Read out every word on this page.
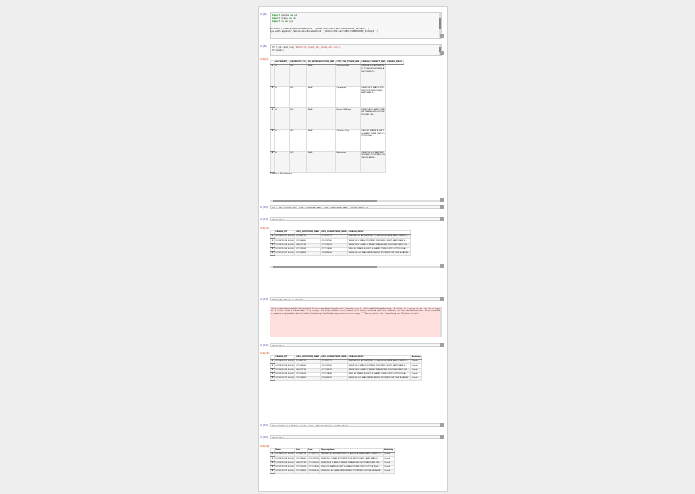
In [9]: import pandas as pd
import numpy as np
import os as sys
os.chdir('/Users/anu/Documents/4 ',Nihar/4th-xarl/RPC-CSMSEC02IE_Infoqld ')
sys.path.append('/Users/anu/Documents/4 ',Nihar/4th-xarl/RPC-CSMSEC02IE_Infoqld ')
In [8]: df = pd.read_csv('data/trd_crash_ldc_clean_all.csv')
df.head()
Out[8]:
	ACCIDENT_	SEVERITY_CO	AT_INTERSECTION_IND	CITY_OR_TOWN_NM	CRASH_COUNTY_NM	CRASH_DESC
0	4	NO	NaN	Chesterfield	DRIVER #1 ATTEMPTED TO AVOID A DEER AND OVERCO...	
1	4	NO	NaN	Campbell	VEHICLE 2 WAS STOPPED FOR RED LIGHT, AND WAS S...	
2	4	NO	NaN	Prince William	VEHICLES 1 AND 2 WERE TRAVELING SOUTHBOUND ON...	
3	4	NO	NaN	Charles City	VEH #1 MADE A LEFT & HAND TURN ONTO LITTLE ELA...	
4	4	NO	NaN	Botetourt	VEHICLE #1 WAS IMPROPERLY STOPPED ON THE ROADW...	
5 rows × 38 columns
In [10]: df = df[['CRASH_DT','GPS_LATITUDE_NBR','GPS_LONGITUDE_NBR','CRASH_DESC']]
In [11]: df.head()
Out[11]:
	CRASH_DT	GPS_LATITUDE_NBR	GPS_LONGITUDE_NBR	CRASH_DESC
0	01/16/2017 00:00	37.40713	-77.81771	DRIVER #1 ATTEMPTED TO AVOID A DEER AND OVERCO...
1	12/25/2016 00:00	37.03460	-79.23760	VEHICLE 2 WAS STOPPED FOR RED LIGHT, AND WAS S...
2	12/20/2016 00:00	38.67118	-77.29333	VEHICLES 1 AND 2 WERE TRAVELING SOUTHBOUND ON...
3	10/21/2016 00:00	37.37626	-77.11836	VEH #1 MADE A LEFT & HAND TURN ONTO LITTLE ELA...
4	07/31/2017 00:00	37.52863	-79.89035	VEHICLE #1 WAS IMPROPERLY STOPPED ON THE ROADW...
In [13]: df['Activity'] = 'Crash'
/Users/anu/anaconda3/lib/python3.6/site-packages/ipykernel_launcher.py:1: SettingWithCopyWarning: A value is trying to be set on a copy of a slice from a DataFrame. Try using .loc[row_indexer,col_indexer] = value instead See the caveats in the documentation: http://pandas.pydata.org/pandas-docs/stable/indexing.html#indexing-view-versus-copy """Entry point for launching an IPython kernel.
In [14]: df.head()
Out[14]:
	CRASH_DT	GPS_LATITUDE_NBR	GPS_LONGITUDE_NBR	CRASH_DESC	Activity
0	01/16/2017 00:00	37.40713	-77.81771	DRIVER #1 ATTEMPTED TO AVOID A DEER AND OVERCO...	Crash
1	12/25/2016 00:00	37.03460	-79.23760	VEHICLE 2 WAS STOPPED FOR RED LIGHT, AND WAS S...	Crash
2	12/20/2016 00:00	38.67118	-77.29333	VEHICLES 1 AND 2 WERE TRAVELING SOUTHBOUND ON...	Crash
3	10/21/2016 00:00	37.37626	-77.11836	VEH #1 MADE A LEFT & HAND TURN ONTO LITTLE ELA...	Crash
4	07/31/2017 00:00	37.52863	-79.89035	VEHICLE #1 WAS IMPROPERLY STOPPED ON THE ROADW...	Crash
In [15]: df.columns = ['Date','Lat','Lon','Description','Activity']
In [16]: df.head()
Out[16]:
	Date	Lat	Lon	Description	Activity
0	01/16/2017 00:00	37.40713	-77.81771	DRIVER #1 ATTEMPTED TO AVOID A DEER AND OVERCO...	Crash
1	12/25/2016 00:00	37.03460	-79.23760	VEHICLE 2 WAS STOPPED FOR RED LIGHT, AND WAS S...	Crash
2	12/20/2016 00:00	38.67118	-77.29333	VEHICLES 1 AND 2 WERE TRAVELING SOUTHBOUND ON...	Crash
3	10/21/2016 00:00	37.37626	-77.11836	VEH #1 MADE A LEFT & HAND TURN ONTO LITTLE ELA...	Crash
4	07/31/2017 00:00	37.52863	-79.89035	VEHICLE #1 WAS IMPROPERLY STOPPED ON THE ROADW...	Crash
